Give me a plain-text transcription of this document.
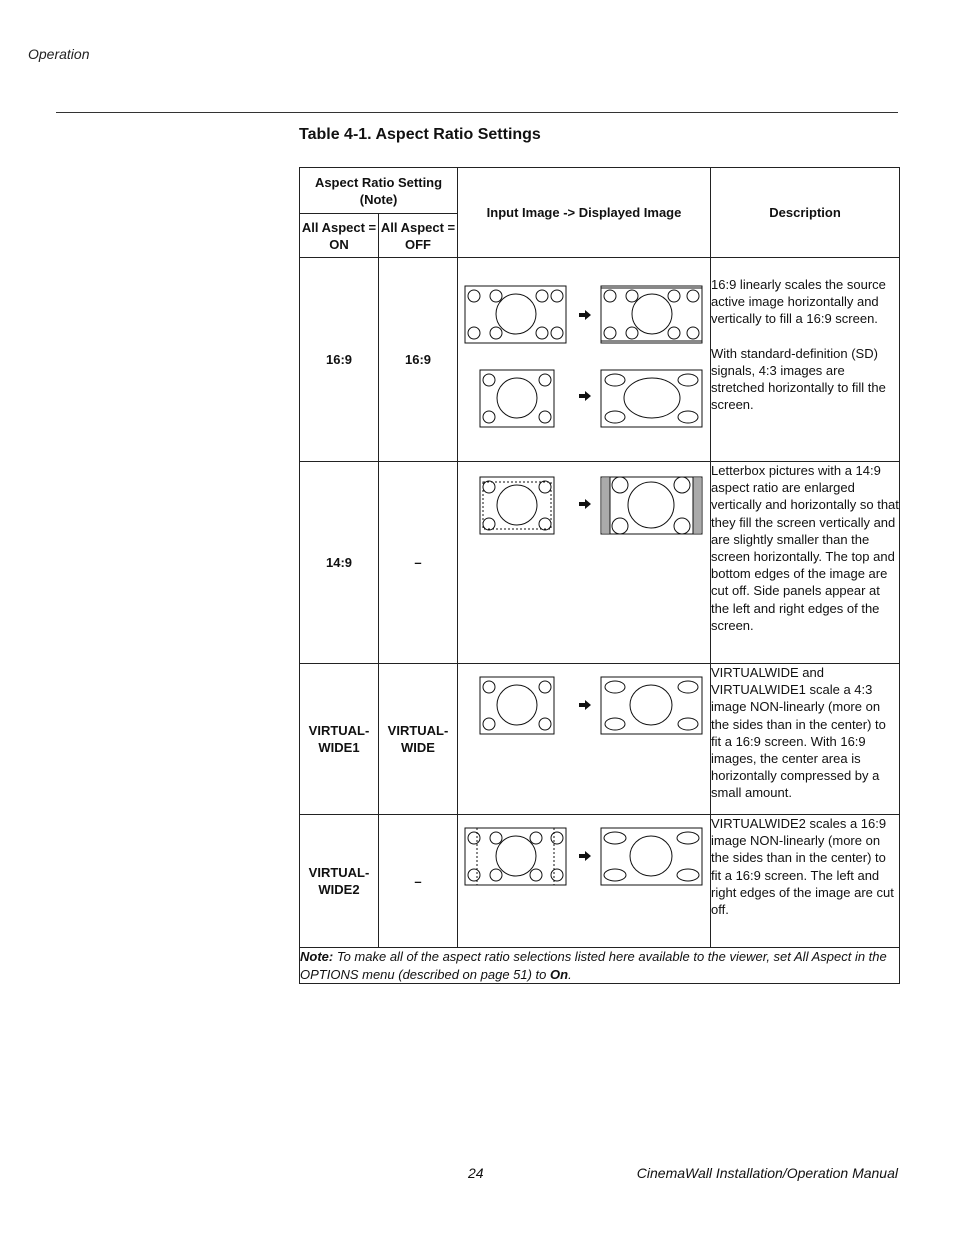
Operation
Table 4-1. Aspect Ratio Settings
Aspect Ratio Setting (Note)		Input Image -> Displayed Image	Description
All Aspect = ON	All Aspect = OFF		
16:9	16:9		16:9 linearly scales the source active image horizontally and vertically to fill a 16:9 screen.

With standard-definition (SD) signals, 4:3 images are stretched horizontally to fill the screen.

14:9	–		Letterbox pictures with a 14:9 aspect ratio are enlarged vertically and horizontally so that they fill the screen vertically and are slightly smaller than the screen horizontally. The top and bottom edges of the image are cut off. Side panels appear at the left and right edges of the screen.

VIRTUAL- WIDE1	VIRTUAL- WIDE		VIRTUALWIDE and VIRTUALWIDE1 scale a 4:3 image NON-linearly (more on the sides than in the center) to fit a 16:9 screen. With 16:9 images, the center area is horizontally compressed by a small amount.

VIRTUAL- WIDE2	–		VIRTUALWIDE2 scales a 16:9 image NON-linearly (more on the sides than in the center) to fit a 16:9 screen. The left and right edges of the image are cut off.

Note: To make all of the aspect ratio selections listed here available to the viewer, set All Aspect in the OPTIONS menu (described on page 51) to On.			
24	CinemaWall Installation/Operation Manual
